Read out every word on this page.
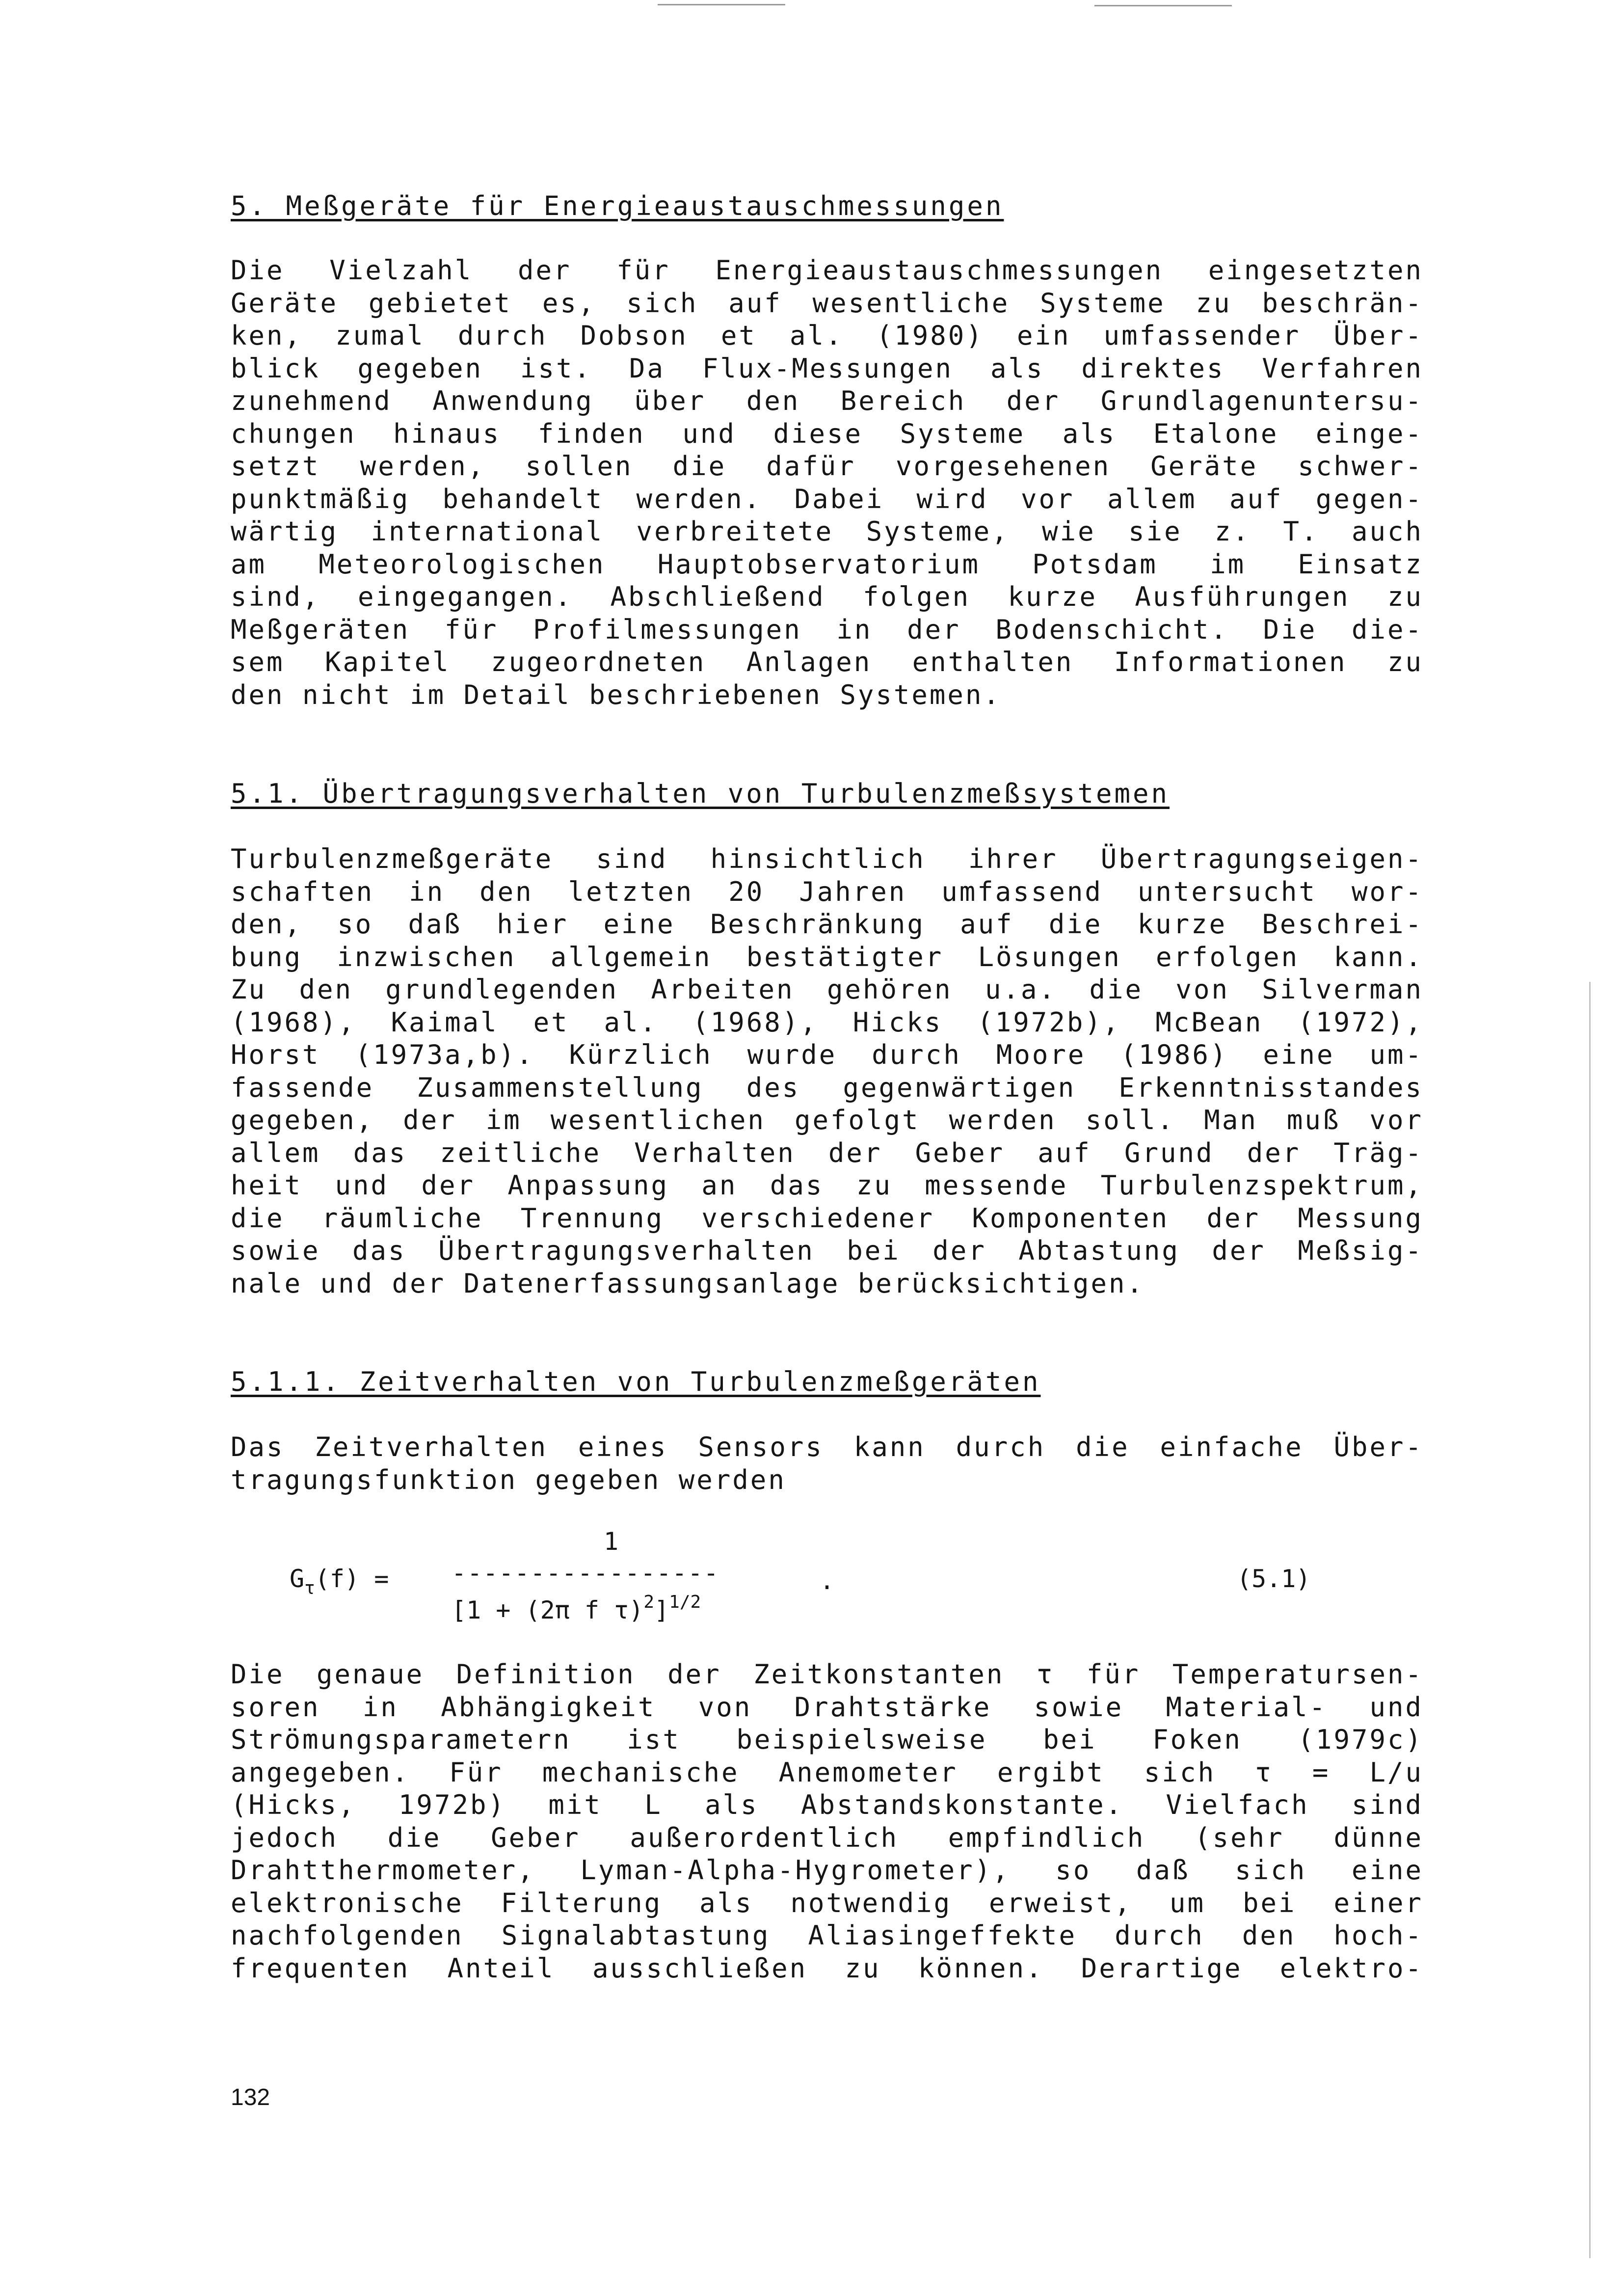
5. Meßgeräte für Energieaustauschmessungen
Die Vielzahl der für Energieaustauschmessungen eingesetzten
Geräte gebietet es, sich auf wesentliche Systeme zu beschrän-
ken, zumal durch Dobson et al. (1980) ein umfassender Über-
blick gegeben ist. Da Flux-Messungen als direktes Verfahren
zunehmend Anwendung über den Bereich der Grundlagenuntersu-
chungen hinaus finden und diese Systeme als Etalone einge-
setzt werden, sollen die dafür vorgesehenen Geräte schwer-
punktmäßig behandelt werden. Dabei wird vor allem auf gegen-
wärtig international verbreitete Systeme, wie sie z. T. auch
am Meteorologischen Hauptobservatorium Potsdam im Einsatz
sind, eingegangen. Abschließend folgen kurze Ausführungen zu
Meßgeräten für Profilmessungen in der Bodenschicht. Die die-
sem Kapitel zugeordneten Anlagen enthalten Informationen zu
den nicht im Detail beschriebenen Systemen.
5.1. Übertragungsverhalten von Turbulenzmeßsystemen
Turbulenzmeßgeräte sind hinsichtlich ihrer Übertragungseigen-
schaften in den letzten 20 Jahren umfassend untersucht wor-
den, so daß hier eine Beschränkung auf die kurze Beschrei-
bung inzwischen allgemein bestätigter Lösungen erfolgen kann.
Zu den grundlegenden Arbeiten gehören u.a. die von Silverman
(1968), Kaimal et al. (1968), Hicks (1972b), McBean (1972),
Horst (1973a,b). Kürzlich wurde durch Moore (1986) eine um-
fassende Zusammenstellung des gegenwärtigen Erkenntnisstandes
gegeben, der im wesentlichen gefolgt werden soll. Man muß vor
allem das zeitliche Verhalten der Geber auf Grund der Träg-
heit und der Anpassung an das zu messende Turbulenzspektrum,
die räumliche Trennung verschiedener Komponenten der Messung
sowie das Übertragungsverhalten bei der Abtastung der Meßsig-
nale und der Datenerfassungsanlage berücksichtigen.
5.1.1. Zeitverhalten von Turbulenzmeßgeräten
Das Zeitverhalten eines Sensors kann durch die einfache Über-
tragungsfunktion gegeben werden
1
$G_\tau(f)$ =	-----------------
[1 + (2π f τ)$^2$]$^{1/2}$
.	(5.1)
Die genaue Definition der Zeitkonstanten τ für Temperatursen-
soren in Abhängigkeit von Drahtstärke sowie Material- und
Strömungsparametern ist beispielsweise bei Foken (1979c)
angegeben. Für mechanische Anemometer ergibt sich τ = L/u
(Hicks, 1972b) mit L als Abstandskonstante. Vielfach sind
jedoch die Geber außerordentlich empfindlich (sehr dünne
Drahtthermometer, Lyman-Alpha-Hygrometer), so daß sich eine
elektronische Filterung als notwendig erweist, um bei einer
nachfolgenden Signalabtastung Aliasingeffekte durch den hoch-
frequenten Anteil ausschließen zu können. Derartige elektro-
132
